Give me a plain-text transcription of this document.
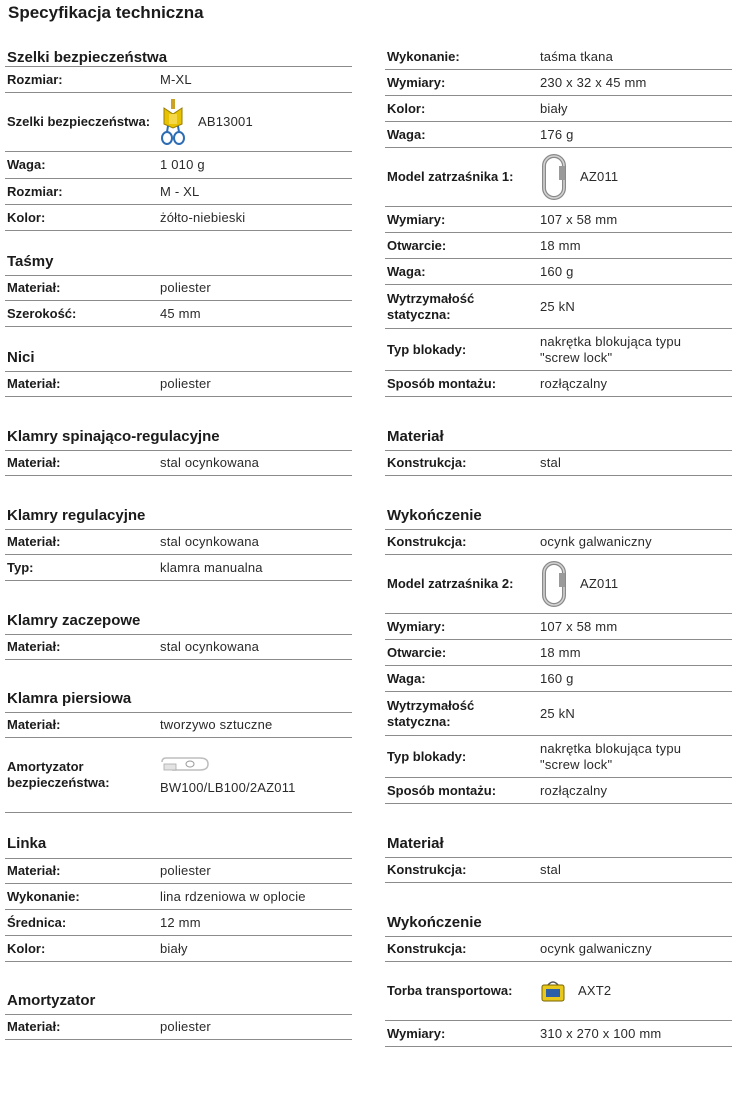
Specyfikacja techniczna
Szelki bezpieczeństwa
Rozmiar:	M-XL
Szelki bezpieczeństwa:	AB13001
Waga:	1 010 g
Rozmiar:	M - XL
Kolor:	żółto-niebieski
Taśmy
Materiał:	poliester
Szerokość:	45 mm
Nici
Materiał:	poliester
Klamry spinająco-regulacyjne
Materiał:	stal ocynkowana
Klamry regulacyjne
Materiał:	stal ocynkowana
Typ:	klamra manualna
Klamry zaczepowe
Materiał:	stal ocynkowana
Klamra piersiowa
Materiał:	tworzywo sztuczne
Amortyzator
bezpieczeństwa:	BW100/LB100/2AZ011
Linka
Materiał:	poliester
Wykonanie:	lina rdzeniowa w oplocie
Średnica:	12 mm
Kolor:	biały
Amortyzator
Materiał:	poliester
Wykonanie:	taśma tkana
Wymiary:	230 x 32 x 45 mm
Kolor:	biały
Waga:	176 g
Model zatrzaśnika 1:	AZ011
Wymiary:	107 x 58 mm
Otwarcie:	18 mm
Waga:	160 g
Wytrzymałość
statyczna:
25 kN
Typ blokady:
nakrętka blokująca typu
"screw lock"
Sposób montażu:	rozłączalny
Materiał
Konstrukcja:	stal
Wykończenie
Konstrukcja:	ocynk galwaniczny
Model zatrzaśnika 2:	AZ011
Wymiary:	107 x 58 mm
Otwarcie:	18 mm
Waga:	160 g
Wytrzymałość
statyczna:
25 kN
Typ blokady:
nakrętka blokująca typu
"screw lock"
Sposób montażu:	rozłączalny
Materiał
Konstrukcja:	stal
Wykończenie
Konstrukcja:	ocynk galwaniczny
Torba transportowa:	AXT2
Wymiary:	310 x 270 x 100 mm
